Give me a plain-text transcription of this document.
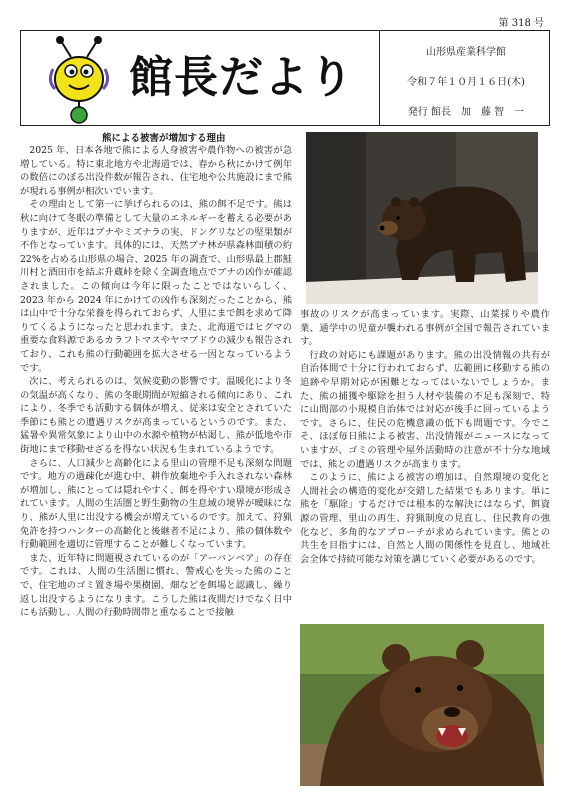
第 318 号
館長だより	山形県産業科学館
令和７年１０月１６日(木)
発行 館長　加　藤 智　一
熊による被害が増加する理由

2025 年、日本各地で熊による人身被害や農作物への被害が急増している。特に東北地方や北海道では、春から秋にかけて例年の数倍にのぼる出没件数が報告され、住宅地や公共施設にまで熊が現れる事例が相次いでいます。

その理由として第一に挙げられるのは、熊の餌不足です。熊は秋に向けて冬眠の準備として大量のエネルギーを蓄える必要がありますが、近年はブナやミズナラの実、ドングリなどの堅果類が不作となっています。具体的には、天然ブナ林が県森林面積の約22%を占める山形県の場合、2025 年の調査で、山形県最上郡鮭川村と酒田市を結ぶ升蔵峠を除く全調査地点でブナの凶作が確認されました。この傾向は今年に限ったことではないらしく、2023 年から 2024 年にかけての凶作も深刻だったことから、熊は山中で十分な栄養を得られておらず、人里にまで餌を求めて降りてくるようになったと思われます。また、北海道ではヒグマの重要な食料源であるカラフトマスやヤマブドウの減少も報告されており、これも熊の行動範囲を拡大させる一因となっているようです。

次に、考えられるのは、気候変動の影響です。温暖化により冬の気温が高くなり、熊の冬眠期間が短縮される傾向にあり、これにより、冬季でも活動する個体が増え、従来は安全とされていた季節にも熊との遭遇リスクが高まっているというのです。また、猛暑や異常気象により山中の水源や植物が枯渇し、熊が低地や市街地にまで移動せざるを得ない状況も生まれているようです。

さらに、人口減少と高齢化による里山の管理不足も深刻な問題です。地方の過疎化が進む中、耕作放棄地や手入れされない森林が増加し、熊にとっては隠れやすく、餌を得やすい環境が形成されています。人間の生活圏と野生動物の生息域の境界が曖昧になり、熊が人里に出没する機会が増えているのです。加えて、狩猟免許を持つハンターの高齢化と後継者不足により、熊の個体数や行動範囲を適切に管理することが難しくなっています。

また、近年特に問題視されているのが「アーバンベア」の存在です。これは、人間の生活圏に慣れ、警戒心を失った熊のことで、住宅地のゴミ置き場や果樹園、畑などを餌場と認識し、繰り返し出没するようになります。こうした熊は夜間だけでなく日中にも活動し、人間の行動時間帯と重なることで接触

事故のリスクが高まっています。実際、山菜採りや農作業、通学中の児童が襲われる事例が全国で報告されています。

行政の対応にも課題があります。熊の出没情報の共有が自治体間で十分に行われておらず、広範囲に移動する熊の追跡や早期対応が困難となってはいないでしょうか。また、熊の捕獲や駆除を担う人材や装備の不足も深刻で、特に山間部の小規模自治体では対応が後手に回っているようです。さらに、住民の危機意識の低下も問題です。今でこそ、ほぼ毎日熊による被害、出没情報がニュースになっていますが、ゴミの管理や屋外活動時の注意が不十分な地域では、熊との遭遇リスクが高まります。

このように、熊による被害の増加は、自然環境の変化と人間社会の構造的変化が交錯した結果でもあります。単に熊を「駆除」するだけでは根本的な解決にはならず、餌資源の管理、里山の再生、狩猟制度の見直し、住民教育の強化など、多角的なアプローチが求められています。熊との共生を目指すには、自然と人間の関係性を見直し、地域社会全体で持続可能な対策を講じていく必要があるのです。
